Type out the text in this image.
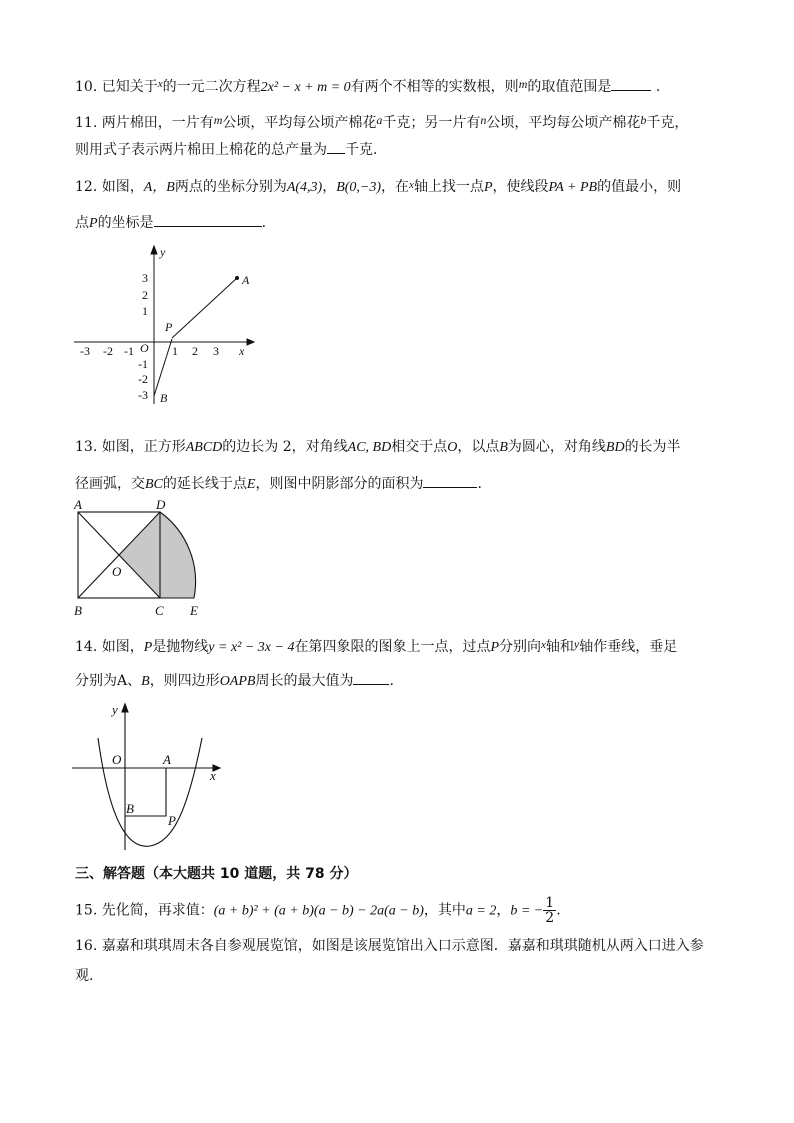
10. 已知关于$^x$的一元二次方程2x² − x + m = 0有两个不相等的实数根，则m的取值范围是	.
11. 两片棉田，一片有m公顷，平均每公顷产棉花a千克；另一片有n公顷，平均每公顷产棉花b千克，
则用式子表示两片棉田上棉花的总产量为 千克.
12. 如图，A，B两点的坐标分别为A(4,3)，B(0,−3)，在$^x$轴上找一点P，使线段PA + PB的值最小，则
点P的坐标是	.
y
x
O
A
B
P
-3 -2 -1	1 2 3
3
2
1
-1
-2
-3
13. 如图，正方形ABCD的边长为 2，对角线AC, BD相交于点O，以点B为圆心，对角线BD的长为半
径画弧，交BC的延长线于点E，则图中阴影部分的面积为	.
A	D
O
B	C E
14. 如图，P是抛物线y = x² − 3x − 4在第四象限的图象上一点，过点P分别向$^x$轴和y轴作垂线，垂足
分别为A、B，则四边形OAPB周长的最大值为	.
y
x
O	A
B
P
三、解答题（本大题共 10 道题，共 78 分）
15. 先化简，再求值：(a + b)² + (a + b)(a − b) − 2a(a − b)，其中a = 2，b = − $\frac{1}{2}$ .
16. 嘉嘉和琪琪周末各自参观展览馆，如图是该展览馆出入口示意图．嘉嘉和琪琪随机从两入口进入参
观.
